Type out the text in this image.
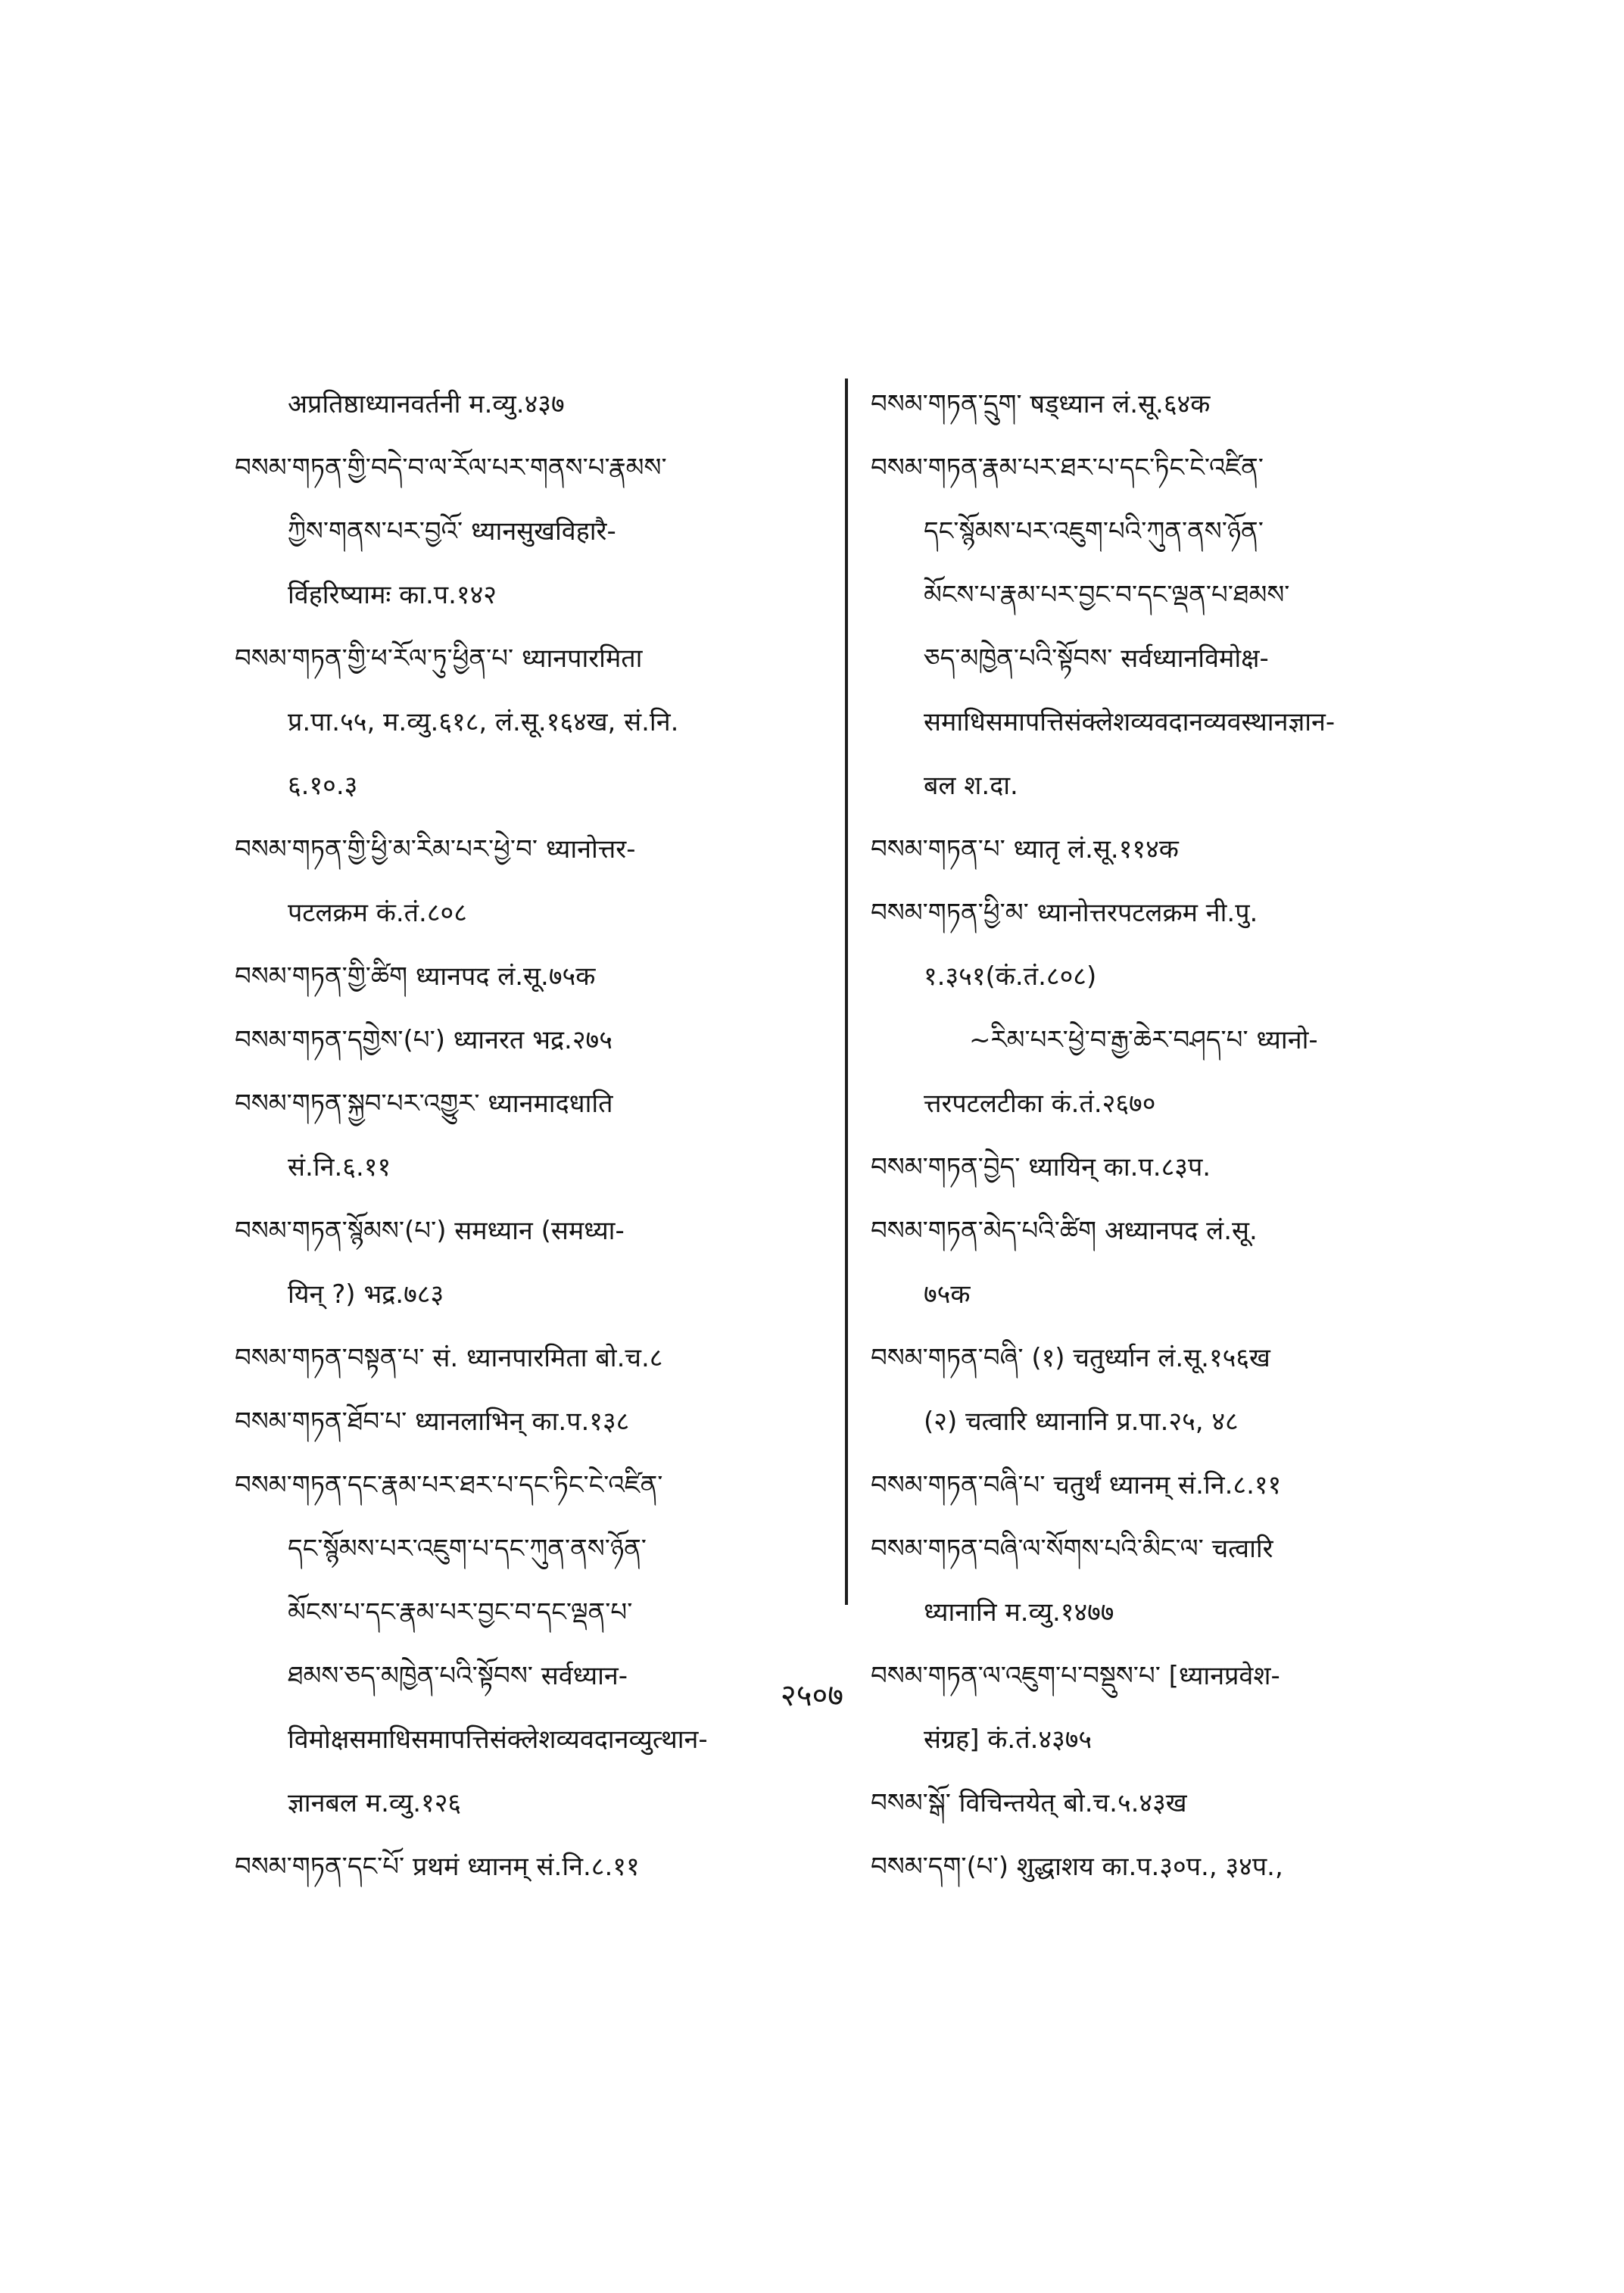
अप्रतिष्ठाध्यानवर्तनी म.व्यु.४३७
བསམ་གཏན་གྱི་བདེ་བ་ལ་རོལ་པར་གནས་པ་རྣམས་
ཀྱིས་གནས་པར་བྱའོ་ ध्यानसुखविहारै-
र्विहरिष्यामः का.प.१४२
བསམ་གཏན་གྱི་ཕ་རོལ་ཏུ་ཕྱིན་པ་ ध्यानपारमिता
प्र.पा.५५, म.व्यु.६१८, लं.सू.१६४ख, सं.नि.
६.१०.३
བསམ་གཏན་གྱི་ཕྱི་མ་རིམ་པར་ཕྱེ་བ་ ध्यानोत्तर-
पटलक्रम कं.तं.८०८
བསམ་གཏན་གྱི་ཚིག ध्यानपद लं.सू.७५क
བསམ་གཏན་དགྱེས་(པ་) ध्यानरत भद्र.२७५
བསམ་གཏན་སྐྱབ་པར་འགྱུར་ ध्यानमादधाति
सं.नि.६.११
བསམ་གཏན་སྙོམས་(པ་) समध्यान (समध्या-
यिन् ?) भद्र.७८३
བསམ་གཏན་བསྟན་པ་ सं. ध्यानपारमिता बो.च.८
བསམ་གཏན་ཐོབ་པ་ ध्यानलाभिन् का.प.१३८
བསམ་གཏན་དང་རྣམ་པར་ཐར་པ་དང་ཏིང་ངེ་འཛིན་
དང་སྙོམས་པར་འཇུག་པ་དང་ཀུན་ནས་ཉོན་
མོངས་པ་དང་རྣམ་པར་བྱང་བ་དང་ལྡན་པ་
ཐམས་ཅད་མཁྱེན་པའི་སྟོབས་ सर्वध्यान-
विमोक्षसमाधिसमापत्तिसंक्लेशव्यवदानव्युत्थान-
ज्ञानबल म.व्यु.१२६
བསམ་གཏན་དང་པོ་ प्रथमं ध्यानम् सं.नि.८.११
བསམ་གཏན་དྲུག་ षड्ध्यान लं.सू.६४क
བསམ་གཏན་རྣམ་པར་ཐར་པ་དང་ཏིང་ངེ་འཛིན་
དང་སྙོམས་པར་འཇུག་པའི་ཀུན་ནས་ཉོན་
མོངས་པ་རྣམ་པར་བྱང་བ་དང་ལྡན་པ་ཐམས་
ཅད་མཁྱེན་པའི་སྟོབས་ सर्वध्यानविमोक्ष-
समाधिसमापत्तिसंक्लेशव्यवदानव्यवस्थानज्ञान-
बल श.दा.
བསམ་གཏན་པ་ ध्यातृ लं.सू.११४क
བསམ་གཏན་ཕྱི་མ་ ध्यानोत्तरपटलक्रम नी.पु.
१.३५१(कं.तं.८०८)
~རིམ་པར་ཕྱེ་བ་རྒྱ་ཆེར་བཤད་པ་ ध्यानो-
त्तरपटलटीका कं.तं.२६७०
བསམ་གཏན་བྱེད་ ध्यायिन् का.प.८३प.
བསམ་གཏན་མེད་པའི་ཚིག अध्यानपद लं.सू.
७५क
བསམ་གཏན་བཞི་ (१) चतुर्ध्यान लं.सू.१५६ख
(२) चत्वारि ध्यानानि प्र.पा.२५, ४८
བསམ་གཏན་བཞི་པ་ चतुर्थं ध्यानम् सं.नि.८.११
བསམ་གཏན་བཞི་ལ་སོགས་པའི་མིང་ལ་ चत्वारि
ध्यानानि म.व्यु.१४७७
བསམ་གཏན་ལ་འཇུག་པ་བསྡུས་པ་ [ध्यानप्रवेश-
संग्रह] कं.तं.४३७५
བསམ་སྒོ་ विचिन्तयेत् बो.च.५.४३ख
བསམ་དག་(པ་) शुद्धाशय का.प.३०प., ३४प.,
२५०७
